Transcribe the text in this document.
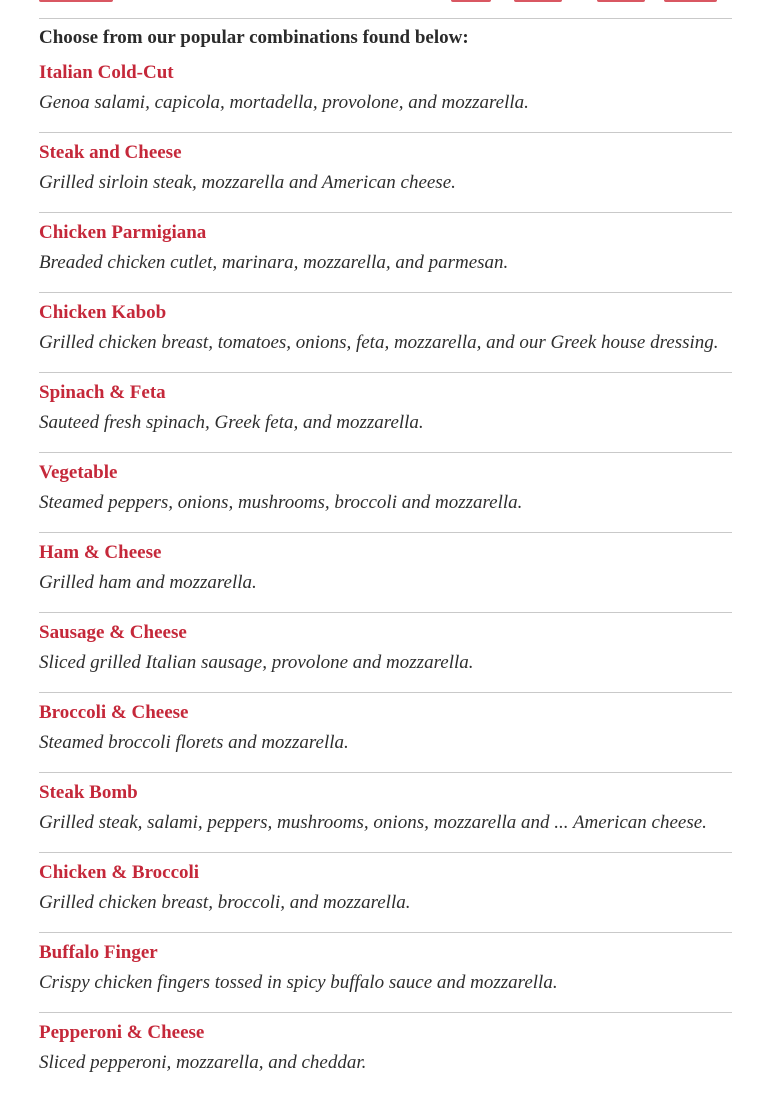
Choose from our popular combinations found below:

Italian Cold-Cut

Genoa salami, capicola, mortadella, provolone, and mozzarella.

Steak and Cheese

Grilled sirloin steak, mozzarella and American cheese.

Chicken Parmigiana

Breaded chicken cutlet, marinara, mozzarella, and parmesan.

Chicken Kabob

Grilled chicken breast, tomatoes, onions, feta, mozzarella, and our Greek house dressing.

Spinach & Feta

Sauteed fresh spinach, Greek feta, and mozzarella.

Vegetable

Steamed peppers, onions, mushrooms, broccoli and mozzarella.

Ham & Cheese

Grilled ham and mozzarella.

Sausage & Cheese

Sliced grilled Italian sausage, provolone and mozzarella.

Broccoli & Cheese

Steamed broccoli florets and mozzarella.

Steak Bomb

Grilled steak, salami, peppers, mushrooms, onions, mozzarella and ... American cheese.

Chicken & Broccoli

Grilled chicken breast, broccoli, and mozzarella.

Buffalo Finger

Crispy chicken fingers tossed in spicy buffalo sauce and mozzarella.

Pepperoni & Cheese

Sliced pepperoni, mozzarella, and cheddar.
